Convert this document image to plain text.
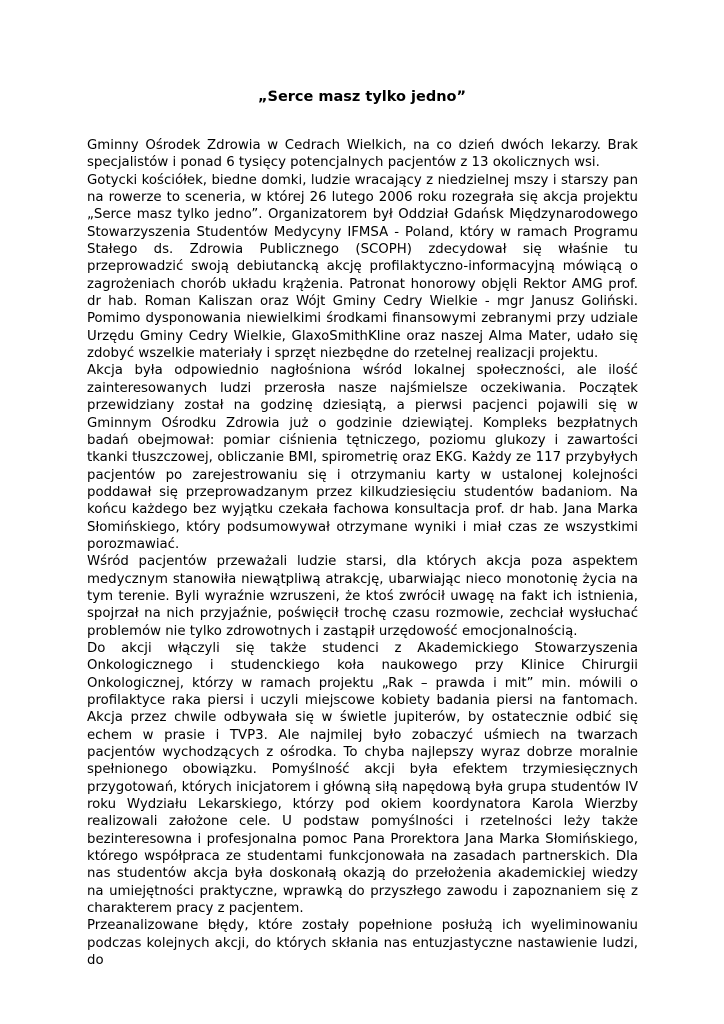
„Serce masz tylko jedno”

Gminny Ośrodek Zdrowia w Cedrach Wielkich, na co dzień dwóch lekarzy. Brak specjalistów i ponad 6 tysięcy potencjalnych pacjentów z 13 okolicznych wsi.

Gotycki kościółek, biedne domki, ludzie wracający z niedzielnej mszy i starszy pan na rowerze to sceneria, w której 26 lutego 2006 roku rozegrała się akcja projektu „Serce masz tylko jedno”. Organizatorem był Oddział Gdańsk Międzynarodowego Stowarzyszenia Studentów Medycyny IFMSA - Poland, który w ramach Programu Stałego ds. Zdrowia Publicznego (SCOPH) zdecydował się właśnie tu przeprowadzić swoją debiutancką akcję profilaktyczno-informacyjną mówiącą o zagrożeniach chorób układu krążenia. Patronat honorowy objęli Rektor AMG prof. dr hab. Roman Kaliszan oraz Wójt Gminy Cedry Wielkie - mgr Janusz Goliński. Pomimo dysponowania niewielkimi środkami finansowymi zebranymi przy udziale Urzędu Gminy Cedry Wielkie, GlaxoSmithKline oraz naszej Alma Mater, udało się zdobyć wszelkie materiały i sprzęt niezbędne do rzetelnej realizacji projektu.

Akcja była odpowiednio nagłośniona wśród lokalnej społeczności, ale ilość zainteresowanych ludzi przerosła nasze najśmielsze oczekiwania. Początek przewidziany został na godzinę dziesiątą, a pierwsi pacjenci pojawili się w Gminnym Ośrodku Zdrowia już o godzinie dziewiątej. Kompleks bezpłatnych badań obejmował: pomiar ciśnienia tętniczego, poziomu glukozy i zawartości tkanki tłuszczowej, obliczanie BMI, spirometrię oraz EKG. Każdy ze 117 przybyłych pacjentów po zarejestrowaniu się i otrzymaniu karty w ustalonej kolejności poddawał się przeprowadzanym przez kilkudziesięciu studentów badaniom. Na końcu każdego bez wyjątku czekała fachowa konsultacja prof. dr hab. Jana Marka Słomińskiego, który podsumowywał otrzymane wyniki i miał czas ze wszystkimi porozmawiać.

Wśród pacjentów przeważali ludzie starsi, dla których akcja poza aspektem medycznym stanowiła niewątpliwą atrakcję, ubarwiając nieco monotonię życia na tym terenie. Byli wyraźnie wzruszeni, że ktoś zwrócił uwagę na fakt ich istnienia, spojrzał na nich przyjaźnie, poświęcił trochę czasu rozmowie, zechciał wysłuchać problemów nie tylko zdrowotnych i zastąpił urzędowość emocjonalnością.

Do akcji włączyli się także studenci z Akademickiego Stowarzyszenia Onkologicznego i studenckiego koła naukowego przy Klinice Chirurgii Onkologicznej, którzy w ramach projektu „Rak – prawda i mit” min. mówili o profilaktyce raka piersi i uczyli miejscowe kobiety badania piersi na fantomach. Akcja przez chwile odbywała się w świetle jupiterów, by ostatecznie odbić się echem w prasie i TVP3. Ale najmilej było zobaczyć uśmiech na twarzach pacjentów wychodzących z ośrodka. To chyba najlepszy wyraz dobrze moralnie spełnionego obowiązku. Pomyślność akcji była efektem trzymiesięcznych przygotowań, których inicjatorem i główną siłą napędową była grupa studentów IV roku Wydziału Lekarskiego, którzy pod okiem koordynatora Karola Wierzby realizowali założone cele. U podstaw pomyślności i rzetelności leży także bezinteresowna i profesjonalna pomoc Pana Prorektora Jana Marka Słomińskiego, którego współpraca ze studentami funkcjonowała na zasadach partnerskich. Dla nas studentów akcja była doskonałą okazją do przełożenia akademickiej wiedzy na umiejętności praktyczne, wprawką do przyszłego zawodu i zapoznaniem się z charakterem pracy z pacjentem.

Przeanalizowane błędy, które zostały popełnione posłużą ich wyeliminowaniu podczas kolejnych akcji, do których skłania nas entuzjastyczne nastawienie ludzi, do
